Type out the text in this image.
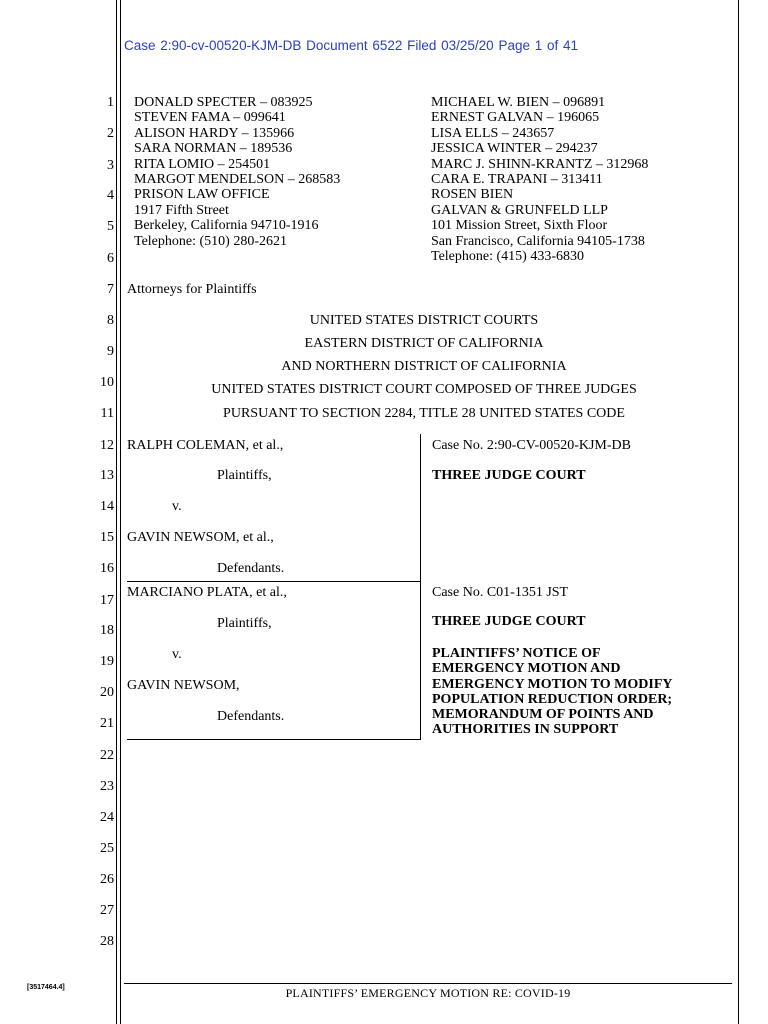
Case 2:90-cv-00520-KJM-DB Document 6522 Filed 03/25/20 Page 1 of 41
1
2
3
4
5
6
7
8
9
10
11
12
13
14
15
16
17
18
19
20
21
22
23
24
25
26
27
28
DONALD SPECTER – 083925
STEVEN FAMA – 099641
ALISON HARDY – 135966
SARA NORMAN – 189536
RITA LOMIO – 254501
MARGOT MENDELSON – 268583
PRISON LAW OFFICE
1917 Fifth Street
Berkeley, California 94710-1916
Telephone: (510) 280-2621
MICHAEL W. BIEN – 096891
ERNEST GALVAN – 196065
LISA ELLS – 243657
JESSICA WINTER – 294237
MARC J. SHINN-KRANTZ – 312968
CARA E. TRAPANI – 313411
ROSEN BIEN
GALVAN & GRUNFELD LLP
101 Mission Street, Sixth Floor
San Francisco, California 94105-1738
Telephone: (415) 433-6830
Attorneys for Plaintiffs
UNITED STATES DISTRICT COURTS
EASTERN DISTRICT OF CALIFORNIA
AND NORTHERN DISTRICT OF CALIFORNIA
UNITED STATES DISTRICT COURT COMPOSED OF THREE JUDGES
PURSUANT TO SECTION 2284, TITLE 28 UNITED STATES CODE
RALPH COLEMAN, et al.,
Plaintiffs,
v.
GAVIN NEWSOM, et al.,
Defendants.
Case No. 2:90-CV-00520-KJM-DB
THREE JUDGE COURT
MARCIANO PLATA, et al.,
Plaintiffs,
v.
GAVIN NEWSOM,
Defendants.
Case No. C01-1351 JST
THREE JUDGE COURT
PLAINTIFFS’ NOTICE OF
EMERGENCY MOTION AND
EMERGENCY MOTION TO MODIFY
POPULATION REDUCTION ORDER;
MEMORANDUM OF POINTS AND
AUTHORITIES IN SUPPORT
[3517464.4]	PLAINTIFFS’ EMERGENCY MOTION RE: COVID-19
